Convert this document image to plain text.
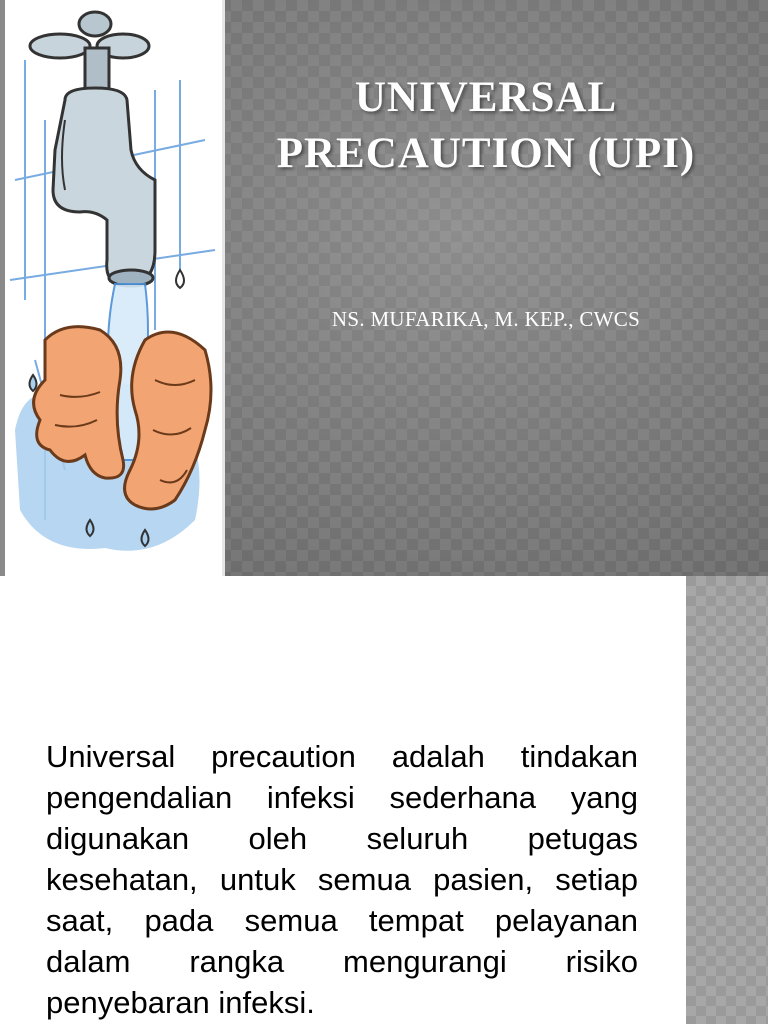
UNIVERSAL
PRECAUTION (UPI)
NS. MUFARIKA, M. KEP., CWCS

Universal precaution adalah tindakan pengendalian infeksi sederhana yang digunakan oleh seluruh petugas kesehatan, untuk semua pasien, setiap saat, pada semua tempat pelayanan dalam rangka mengurangi risiko penyebaran infeksi.
